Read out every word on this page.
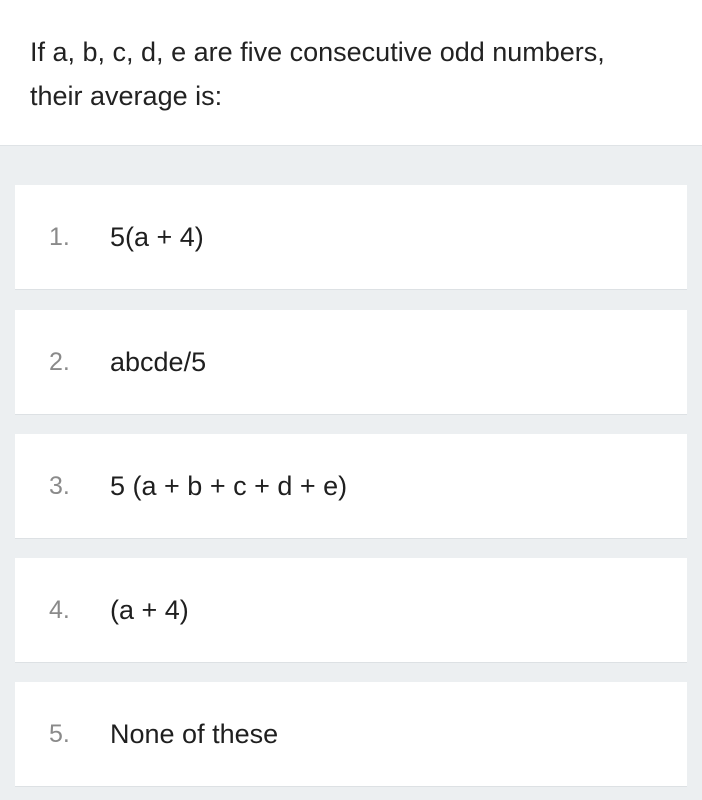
If a, b, c, d, e are five consecutive odd numbers,
their average is:
1. 5(a + 4)
2. abcde/5
3. 5 (a + b + c + d + e)
4. (a + 4)
5. None of these
